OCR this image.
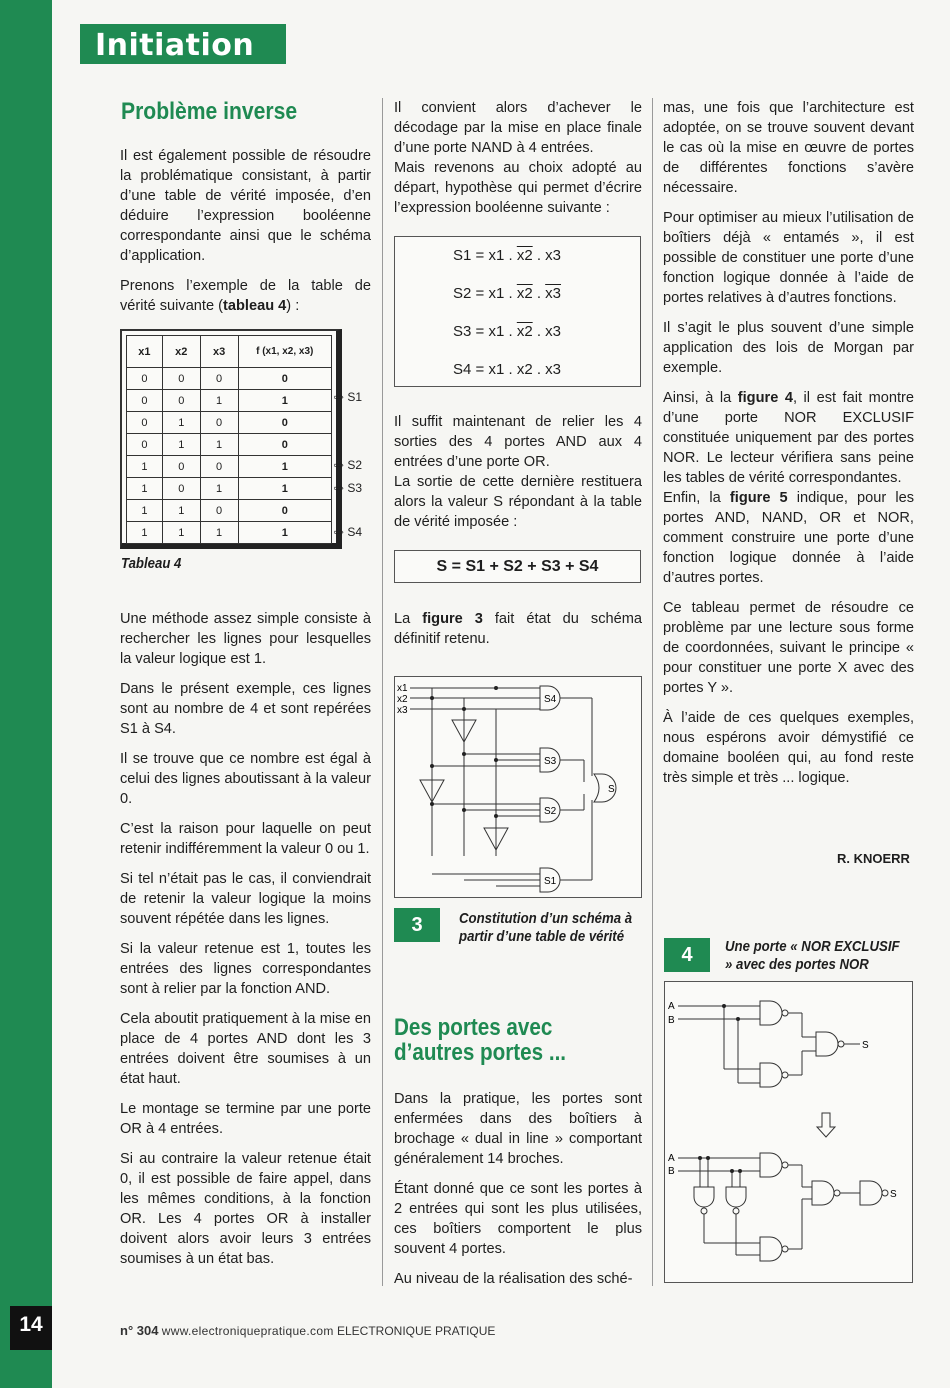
Initiation
Problème inverse

Il est également possible de résoudre la problématique consistant, à partir d’une table de vérité imposée, d’en déduire l’expression booléenne correspondante ainsi que le schéma d’application.

Prenons l’exemple de la table de vérité suivante (tableau 4) :

x1	x2	x3	f (x1, x2, x3)
0	0	0	0
0	0	1	1
0	1	0	0
0	1	1	0
1	0	0	1
1	0	1	1
1	1	0	0
1	1	1	1
⇨ S1
⇨ S2
⇨ S3
⇨ S4
Tableau 4

Une méthode assez simple consiste à rechercher les lignes pour lesquelles la valeur logique est 1.

Dans le présent exemple, ces lignes sont au nombre de 4 et sont repérées S1 à S4.

Il se trouve que ce nombre est égal à celui des lignes aboutissant à la valeur 0.

C’est la raison pour laquelle on peut retenir indifféremment la valeur 0 ou 1.

Si tel n’était pas le cas, il conviendrait de retenir la valeur logique la moins souvent répétée dans les lignes.

Si la valeur retenue est 1, toutes les entrées des lignes correspondantes sont à relier par la fonction AND.

Cela aboutit pratiquement à la mise en place de 4 portes AND dont les 3 entrées doivent être soumises à un état haut.

Le montage se termine par une porte OR à 4 entrées.

Si au contraire la valeur retenue était 0, il est possible de faire appel, dans les mêmes conditions, à la fonction OR. Les 4 portes OR à installer doivent alors avoir leurs 3 entrées soumises à un état bas.

Il convient alors d’achever le décodage par la mise en place finale d’une porte NAND à 4 entrées.

Mais revenons au choix adopté au départ, hypothèse qui permet d’écrire l’expression booléenne suivante :

S1 = x1 . x2 . x3
S2 = x1 . x2 . x3
S3 = x1 . x2 . x3
S4 = x1 . x2 . x3

Il suffit maintenant de relier les 4 sorties des 4 portes AND aux 4 entrées d’une porte OR.

La sortie de cette dernière restituera alors la valeur S répondant à la table de vérité imposée :

S = S1 + S2 + S3 + S4

La figure 3 fait état du schéma définitif retenu.

x1
x2
x3
S4
S3
S2
S1
S
3	Constitution d’un schéma à partir d’une table de vérité
Des portes avec d’autres portes ...

Dans la pratique, les portes sont enfermées dans des boîtiers à brochage « dual in line » comportant généralement 14 broches.

Étant donné que ce sont les portes à 2 entrées qui sont les plus utilisées, ces boîtiers comportent le plus souvent 4 portes.

Au niveau de la réalisation des sché-

mas, une fois que l’architecture est adoptée, on se trouve souvent devant le cas où la mise en œuvre de portes de différentes fonctions s’avère nécessaire.

Pour optimiser au mieux l’utilisation de boîtiers déjà « entamés », il est possible de constituer une porte d’une fonction logique donnée à l’aide de portes relatives à d’autres fonctions.

Il s’agit le plus souvent d’une simple application des lois de Morgan par exemple.

Ainsi, à la figure 4, il est fait montre d’une porte NOR EXCLUSIF constituée uniquement par des portes NOR. Le lecteur vérifiera sans peine les tables de vérité correspondantes.

Enfin, la figure 5 indique, pour les portes AND, NAND, OR et NOR, comment construire une porte d’une fonction logique donnée à l’aide d’autres portes.

Ce tableau permet de résoudre ce problème par une lecture sous forme de coordonnées, suivant le principe « pour constituer une porte X avec des portes Y ».

À l’aide de ces quelques exemples, nous espérons avoir démystifié ce domaine booléen qui, au fond reste très simple et très ... logique.

R. KNOERR
4	Une porte « NOR EXCLUSIF » avec des portes NOR
A
B
S
A
B
S
14	n° 304 www.electroniquepratique.com ELECTRONIQUE PRATIQUE
